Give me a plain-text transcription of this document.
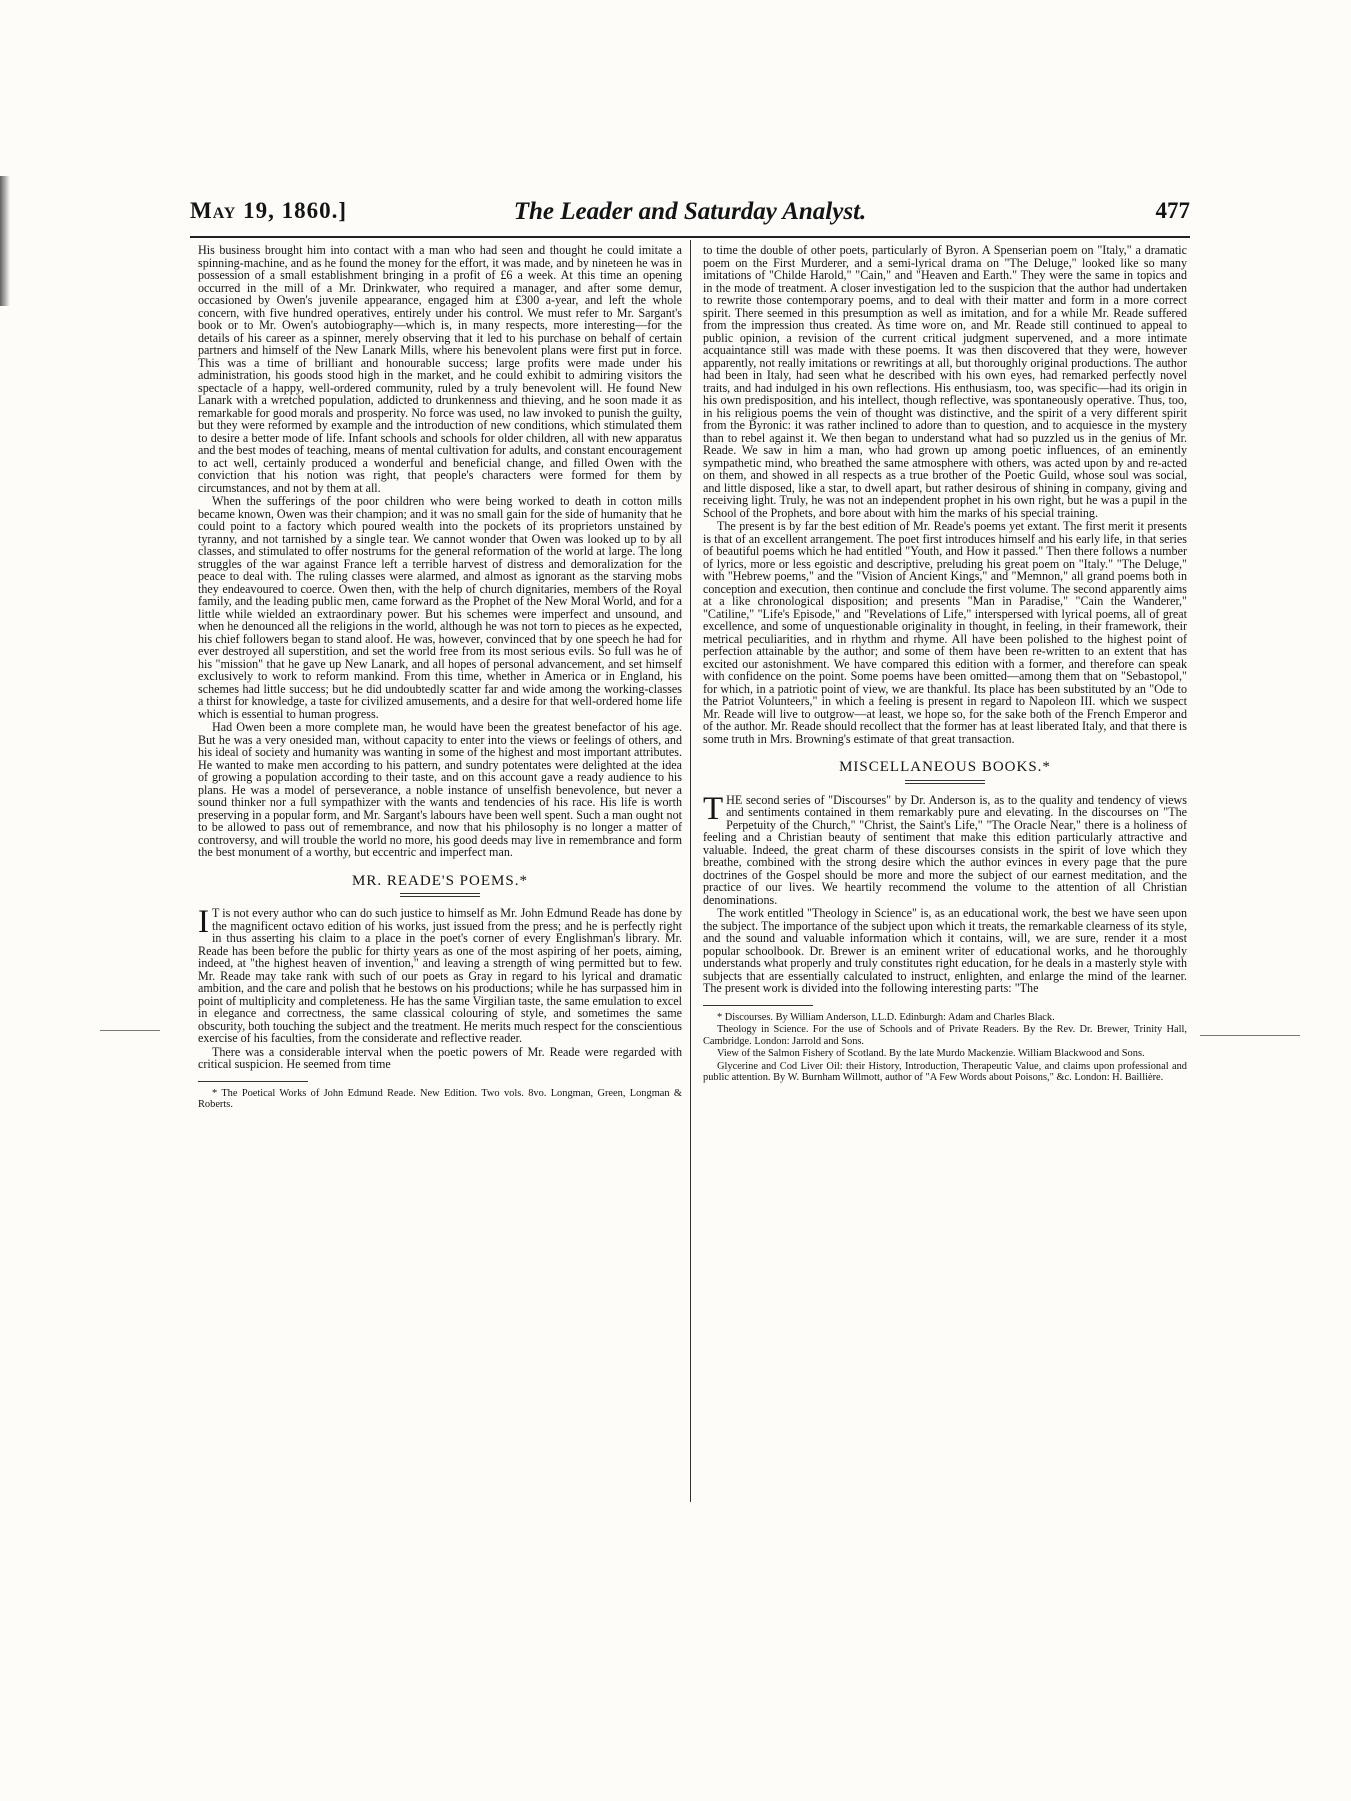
May 19, 1860.]	The Leader and Saturday Analyst.	477

His business brought him into contact with a man who had seen and thought he could imitate a spinning-machine, and as he found the money for the effort, it was made, and by nineteen he was in possession of a small establishment bringing in a profit of £6 a week. At this time an opening occurred in the mill of a Mr. Drinkwater, who required a manager, and after some demur, occasioned by Owen's juvenile appearance, engaged him at £300 a-year, and left the whole concern, with five hundred operatives, entirely under his control. We must refer to Mr. Sargant's book or to Mr. Owen's autobiography—which is, in many respects, more interesting—for the details of his career as a spinner, merely observing that it led to his purchase on behalf of certain partners and himself of the New Lanark Mills, where his benevolent plans were first put in force. This was a time of brilliant and honourable success; large profits were made under his administration, his goods stood high in the market, and he could exhibit to admiring visitors the spectacle of a happy, well-ordered community, ruled by a truly benevolent will. He found New Lanark with a wretched population, addicted to drunkenness and thieving, and he soon made it as remarkable for good morals and prosperity. No force was used, no law invoked to punish the guilty, but they were reformed by example and the introduction of new conditions, which stimulated them to desire a better mode of life. Infant schools and schools for older children, all with new apparatus and the best modes of teaching, means of mental cultivation for adults, and constant encouragement to act well, certainly produced a wonderful and beneficial change, and filled Owen with the conviction that his notion was right, that people's characters were formed for them by circumstances, and not by them at all.

When the sufferings of the poor children who were being worked to death in cotton mills became known, Owen was their champion; and it was no small gain for the side of humanity that he could point to a factory which poured wealth into the pockets of its proprietors unstained by tyranny, and not tarnished by a single tear. We cannot wonder that Owen was looked up to by all classes, and stimulated to offer nostrums for the general reformation of the world at large. The long struggles of the war against France left a terrible harvest of distress and demoralization for the peace to deal with. The ruling classes were alarmed, and almost as ignorant as the starving mobs they endeavoured to coerce. Owen then, with the help of church dignitaries, members of the Royal family, and the leading public men, came forward as the Prophet of the New Moral World, and for a little while wielded an extraordinary power. But his schemes were imperfect and unsound, and when he denounced all the religions in the world, although he was not torn to pieces as he expected, his chief followers began to stand aloof. He was, however, convinced that by one speech he had for ever destroyed all superstition, and set the world free from its most serious evils. So full was he of his "mission" that he gave up New Lanark, and all hopes of personal advancement, and set himself exclusively to work to reform mankind. From this time, whether in America or in England, his schemes had little success; but he did undoubtedly scatter far and wide among the working-classes a thirst for knowledge, a taste for civilized amusements, and a desire for that well-ordered home life which is essential to human progress.

Had Owen been a more complete man, he would have been the greatest benefactor of his age. But he was a very onesided man, without capacity to enter into the views or feelings of others, and his ideal of society and humanity was wanting in some of the highest and most important attributes. He wanted to make men according to his pattern, and sundry potentates were delighted at the idea of growing a population according to their taste, and on this account gave a ready audience to his plans. He was a model of perseverance, a noble instance of unselfish benevolence, but never a sound thinker nor a full sympathizer with the wants and tendencies of his race. His life is worth preserving in a popular form, and Mr. Sargant's labours have been well spent. Such a man ought not to be allowed to pass out of remembrance, and now that his philosophy is no longer a matter of controversy, and will trouble the world no more, his good deeds may live in remembrance and form the best monument of a worthy, but eccentric and imperfect man.

MR. READE'S POEMS.*

I T is not every author who can do such justice to himself as Mr. John Edmund Reade has done by the magnificent octavo edition of his works, just issued from the press; and he is perfectly right in thus asserting his claim to a place in the poet's corner of every Englishman's library. Mr. Reade has been before the public for thirty years as one of the most aspiring of her poets, aiming, indeed, at "the highest heaven of invention," and leaving a strength of wing permitted but to few. Mr. Reade may take rank with such of our poets as Gray in regard to his lyrical and dramatic ambition, and the care and polish that he bestows on his productions; while he has surpassed him in point of multiplicity and completeness. He has the same Virgilian taste, the same emulation to excel in elegance and correctness, the same classical colouring of style, and sometimes the same obscurity, both touching the subject and the treatment. He merits much respect for the conscientious exercise of his faculties, from the considerate and reflective reader.

There was a considerable interval when the poetic powers of Mr. Reade were regarded with critical suspicion. He seemed from time

* The Poetical Works of John Edmund Reade. New Edition. Two vols. 8vo. Longman, Green, Longman & Roberts.

to time the double of other poets, particularly of Byron. A Spenserian poem on "Italy," a dramatic poem on the First Murderer, and a semi-lyrical drama on "The Deluge," looked like so many imitations of "Childe Harold," "Cain," and "Heaven and Earth." They were the same in topics and in the mode of treatment. A closer investigation led to the suspicion that the author had undertaken to rewrite those contemporary poems, and to deal with their matter and form in a more correct spirit. There seemed in this presumption as well as imitation, and for a while Mr. Reade suffered from the impression thus created. As time wore on, and Mr. Reade still continued to appeal to public opinion, a revision of the current critical judgment supervened, and a more intimate acquaintance still was made with these poems. It was then discovered that they were, however apparently, not really imitations or rewritings at all, but thoroughly original productions. The author had been in Italy, had seen what he described with his own eyes, had remarked perfectly novel traits, and had indulged in his own reflections. His enthusiasm, too, was specific—had its origin in his own predisposition, and his intellect, though reflective, was spontaneously operative. Thus, too, in his religious poems the vein of thought was distinctive, and the spirit of a very different spirit from the Byronic: it was rather inclined to adore than to question, and to acquiesce in the mystery than to rebel against it. We then began to understand what had so puzzled us in the genius of Mr. Reade. We saw in him a man, who had grown up among poetic influences, of an eminently sympathetic mind, who breathed the same atmosphere with others, was acted upon by and re-acted on them, and showed in all respects as a true brother of the Poetic Guild, whose soul was social, and little disposed, like a star, to dwell apart, but rather desirous of shining in company, giving and receiving light. Truly, he was not an independent prophet in his own right, but he was a pupil in the School of the Prophets, and bore about with him the marks of his special training.

The present is by far the best edition of Mr. Reade's poems yet extant. The first merit it presents is that of an excellent arrangement. The poet first introduces himself and his early life, in that series of beautiful poems which he had entitled "Youth, and How it passed." Then there follows a number of lyrics, more or less egoistic and descriptive, preluding his great poem on "Italy." "The Deluge," with "Hebrew poems," and the "Vision of Ancient Kings," and "Memnon," all grand poems both in conception and execution, then continue and conclude the first volume. The second apparently aims at a like chronological disposition; and presents "Man in Paradise," "Cain the Wanderer," "Catiline," "Life's Episode," and "Revelations of Life," interspersed with lyrical poems, all of great excellence, and some of unquestionable originality in thought, in feeling, in their framework, their metrical peculiarities, and in rhythm and rhyme. All have been polished to the highest point of perfection attainable by the author; and some of them have been re-written to an extent that has excited our astonishment. We have compared this edition with a former, and therefore can speak with confidence on the point. Some poems have been omitted—among them that on "Sebastopol," for which, in a patriotic point of view, we are thankful. Its place has been substituted by an "Ode to the Patriot Volunteers," in which a feeling is present in regard to Napoleon III. which we suspect Mr. Reade will live to outgrow—at least, we hope so, for the sake both of the French Emperor and of the author. Mr. Reade should recollect that the former has at least liberated Italy, and that there is some truth in Mrs. Browning's estimate of that great transaction.

MISCELLANEOUS BOOKS.*

THE second series of "Discourses" by Dr. Anderson is, as to the quality and tendency of views and sentiments contained in them remarkably pure and elevating. In the discourses on "The Perpetuity of the Church," "Christ, the Saint's Life," "The Oracle Near," there is a holiness of feeling and a Christian beauty of sentiment that make this edition particularly attractive and valuable. Indeed, the great charm of these discourses consists in the spirit of love which they breathe, combined with the strong desire which the author evinces in every page that the pure doctrines of the Gospel should be more and more the subject of our earnest meditation, and the practice of our lives. We heartily recommend the volume to the attention of all Christian denominations.

The work entitled "Theology in Science" is, as an educational work, the best we have seen upon the subject. The importance of the subject upon which it treats, the remarkable clearness of its style, and the sound and valuable information which it contains, will, we are sure, render it a most popular schoolbook. Dr. Brewer is an eminent writer of educational works, and he thoroughly understands what properly and truly constitutes right education, for he deals in a masterly style with subjects that are essentially calculated to instruct, enlighten, and enlarge the mind of the learner. The present work is divided into the following interesting parts: "The

* Discourses. By William Anderson, LL.D. Edinburgh: Adam and Charles Black.

Theology in Science. For the use of Schools and of Private Readers. By the Rev. Dr. Brewer, Trinity Hall, Cambridge. London: Jarrold and Sons.

View of the Salmon Fishery of Scotland. By the late Murdo Mackenzie. William Blackwood and Sons.

Glycerine and Cod Liver Oil: their History, Introduction, Therapeutic Value, and claims upon professional and public attention. By W. Burnham Willmott, author of "A Few Words about Poisons," &c. London: H. Baillière.
